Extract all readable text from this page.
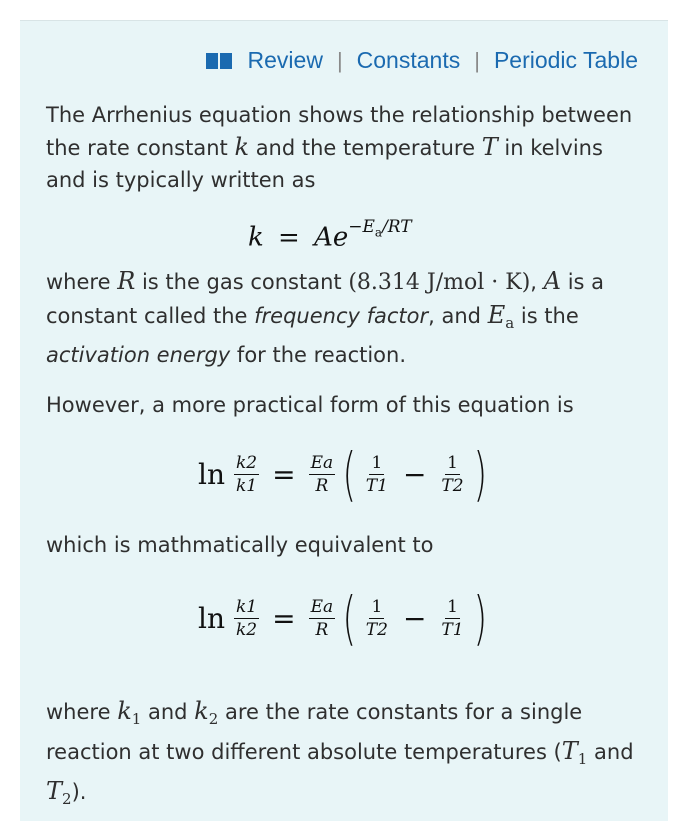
Review | Constants | Periodic Table

The Arrhenius equation shows the relationship between the rate constant k and the temperature T in kelvins and is typically written as

$k = Ae^{-E_a/RT}$

where R is the gas constant (8.314 J/mol · K), A is a constant called the frequency factor, and $E_a$ is the activation energy for the reaction.

However, a more practical form of this equation is

$\ln \frac{k2}{k1} = \frac{Ea}{R}$ ( $\frac{1}{T1} - \frac{1}{T2}$ )

which is mathmatically equivalent to

$\ln \frac{k1}{k2} = \frac{Ea}{R}$ ( $\frac{1}{T2} - \frac{1}{T1}$ )

where $k_1$ and $k_2$ are the rate constants for a single reaction at two different absolute temperatures ($T_1$ and $T_2$).
